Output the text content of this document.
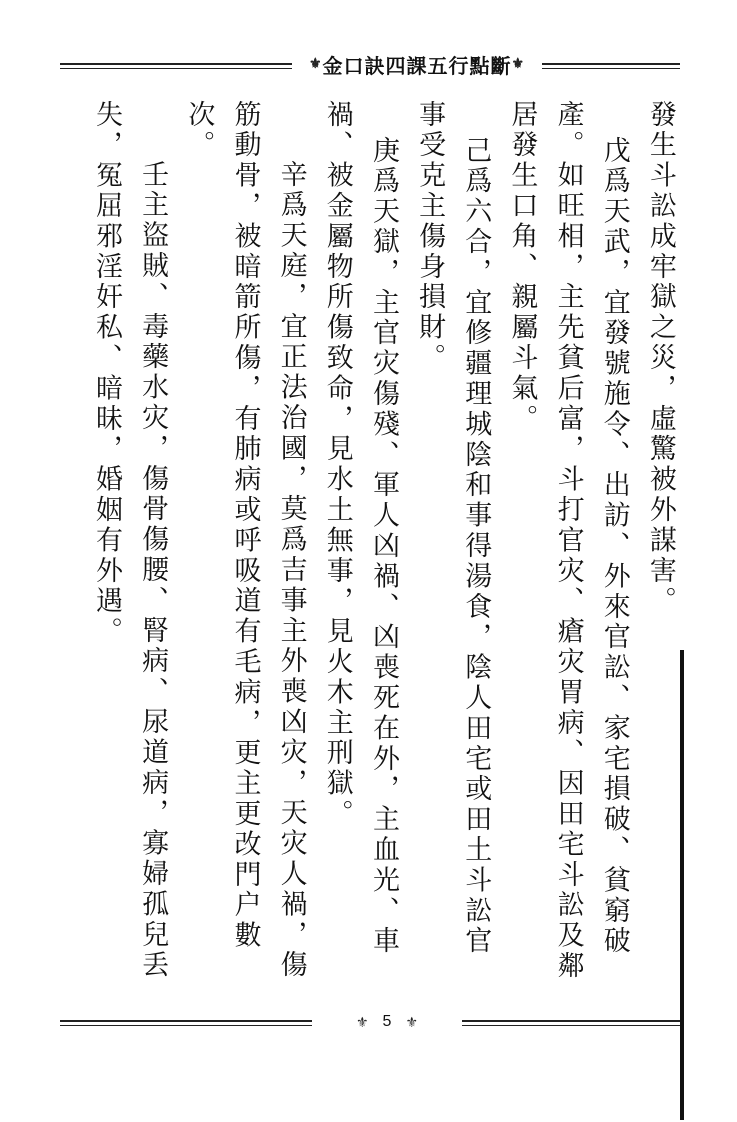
⚜ 金口訣四課五行點斷 ⚜
發生斗訟成牢獄之災，虛驚被外謀害。
戊爲天武，宜發號施令、出訪、外來官訟、家宅損破、貧窮破
產。如旺相，主先貧后富，斗打官灾、瘡灾胃病、因田宅斗訟及鄰
居發生口角、親屬斗氣。
己爲六合，宜修疆理城陰和事得湯食，陰人田宅或田土斗訟官
事受克主傷身損財。
庚爲天獄，主官灾傷殘、軍人凶禍、凶喪死在外，主血光、車
禍、被金屬物所傷致命，見水土無事，見火木主刑獄。
辛爲天庭，宜正法治國，莫爲吉事主外喪凶灾，天灾人禍，傷
筋動骨，被暗箭所傷，有肺病或呼吸道有毛病，更主更改門户數
次。
壬主盜賊、毒藥水灾，傷骨傷腰、腎病、尿道病，寡婦孤兒丢
失，冤屈邪淫奸私、暗昧，婚姻有外遇。
⚜ 5 ⚜
